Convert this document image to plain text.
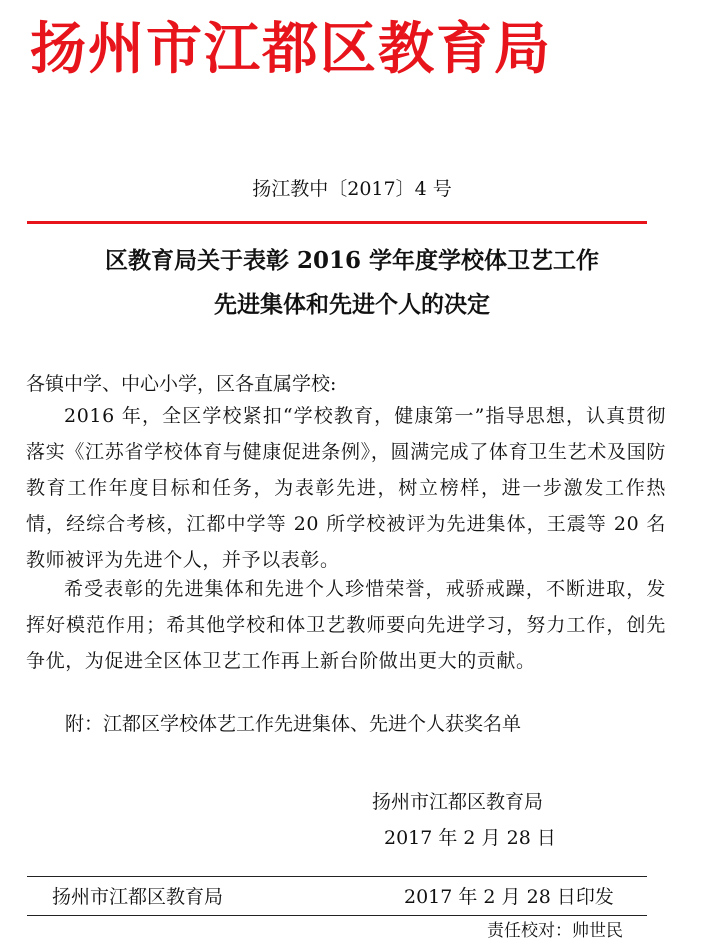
扬州市江都区教育局
扬江教中〔2017〕4 号
区教育局关于表彰 2016 学年度学校体卫艺工作
先进集体和先进个人的决定
各镇中学、中心小学，区各直属学校:

2016 年，全区学校紧扣“学校教育，健康第一”指导思想，认真贯彻落实《江苏省学校体育与健康促进条例》，圆满完成了体育卫生艺术及国防教育工作年度目标和任务，为表彰先进，树立榜样，进一步激发工作热情，经综合考核，江都中学等 20 所学校被评为先进集体，王震等 20 名教师被评为先进个人，并予以表彰。

希受表彰的先进集体和先进个人珍惜荣誉，戒骄戒躁，不断进取，发挥好模范作用；希其他学校和体卫艺教师要向先进学习，努力工作，创先争优，为促进全区体卫艺工作再上新台阶做出更大的贡献。

附：江都区学校体艺工作先进集体、先进个人获奖名单
扬州市江都区教育局
2017 年 2 月 28 日
扬州市江都区教育局	2017 年 2 月 28 日印发
责任校对：帅世民
